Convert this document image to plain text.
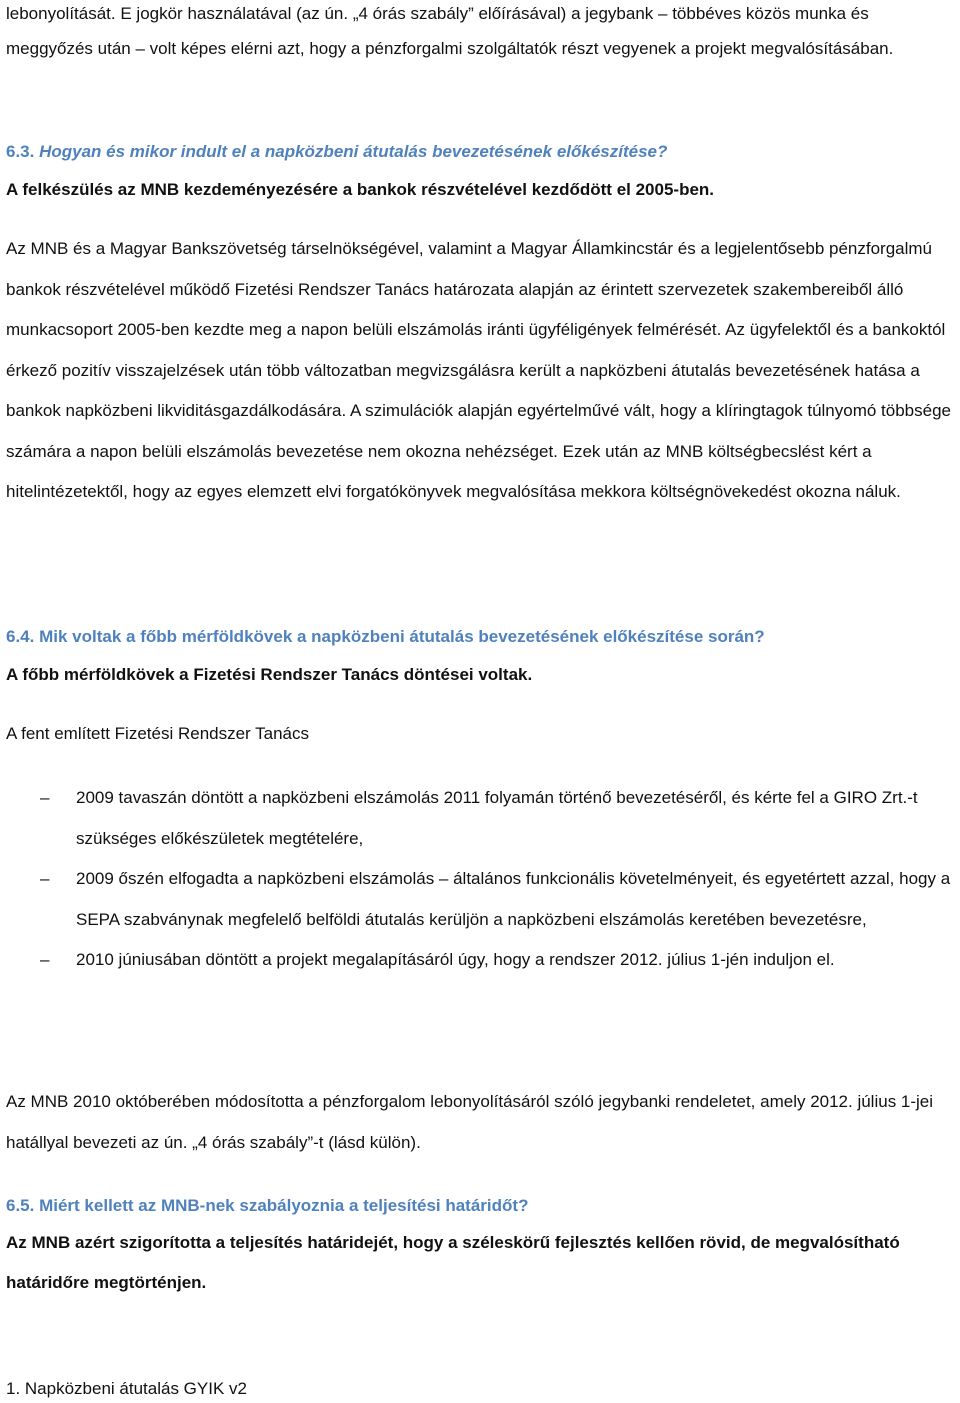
lebonyolítását. E jogkör használatával (az ún. „4 órás szabály” előírásával) a jegybank – többéves közös munka és meggyőzés után – volt képes elérni azt, hogy a pénzforgalmi szolgáltatók részt vegyenek a projekt megvalósításában.

6.3. Hogyan és mikor indult el a napközbeni átutalás bevezetésének előkészítése?

A felkészülés az MNB kezdeményezésére a bankok részvételével kezdődött el 2005-ben.

Az MNB és a Magyar Bankszövetség társelnökségével, valamint a Magyar Államkincstár és a legjelentősebb pénzforgalmú bankok részvételével működő Fizetési Rendszer Tanács határozata alapján az érintett szervezetek szakembereiből álló munkacsoport 2005-ben kezdte meg a napon belüli elszámolás iránti ügyféligények felmérését. Az ügyfelektől és a bankoktól érkező pozitív visszajelzések után több változatban megvizsgálásra került a napközbeni átutalás bevezetésének hatása a bankok napközbeni likviditásgazdálkodására. A szimulációk alapján egyértelművé vált, hogy a klíringtagok túlnyomó többsége számára a napon belüli elszámolás bevezetése nem okozna nehézséget. Ezek után az MNB költségbecslést kért a hitelintézetektől, hogy az egyes elemzett elvi forgatókönyvek megvalósítása mekkora költségnövekedést okozna náluk.

6.4. Mik voltak a főbb mérföldkövek a napközbeni átutalás bevezetésének előkészítése során?

A főbb mérföldkövek a Fizetési Rendszer Tanács döntései voltak.

A fent említett Fizetési Rendszer Tanács

–	2009 tavaszán döntött a napközbeni elszámolás 2011 folyamán történő bevezetéséről, és kérte fel a GIRO Zrt.-t szükséges előkészületek megtételére,
–	2009 őszén elfogadta a napközbeni elszámolás – általános funkcionális követelményeit, és egyetértett azzal, hogy a SEPA szabványnak megfelelő belföldi átutalás kerüljön a napközbeni elszámolás keretében bevezetésre,
–	2010 júniusában döntött a projekt megalapításáról úgy, hogy a rendszer 2012. július 1-jén induljon el.

Az MNB 2010 októberében módosította a pénzforgalom lebonyolításáról szóló jegybanki rendeletet, amely 2012. július 1-jei hatállyal bevezeti az ún. „4 órás szabály”-t (lásd külön).

6.5. Miért kellett az MNB-nek szabályoznia a teljesítési határidőt?

Az MNB azért szigorította a teljesítés határidejét, hogy a széleskörű fejlesztés kellően rövid, de megvalósítható határidőre megtörténjen.

1. Napközbeni átutalás GYIK v2
